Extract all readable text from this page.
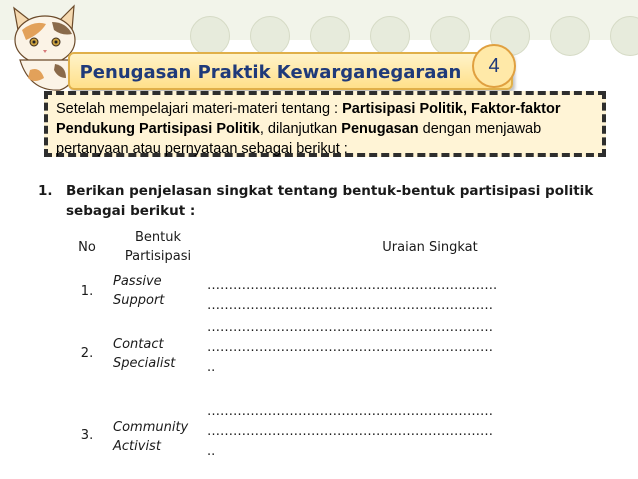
Penugasan Praktik Kewarganegaraan	4
Setelah mempelajari materi-materi tentang : Partisipasi Politik, Faktor-faktor Pendukung Partisipasi Politik, dilanjutkan Penugasan dengan menjawab pertanyaan atau pernyataan sebagai berikut :
1. Berikan penjelasan singkat tentang bentuk-bentuk partisipasi politik sebagai berikut :
No
Bentuk
Partisipasi
Uraian Singkat
1.
Passive
Support
………………………………………………………….
…………………………………………………………
2.
Contact
Specialist
…………………………………………………………
…………………………………………………………
..
3.
Community
Activist
…………………………………………………………
…………………………………………………………
..
